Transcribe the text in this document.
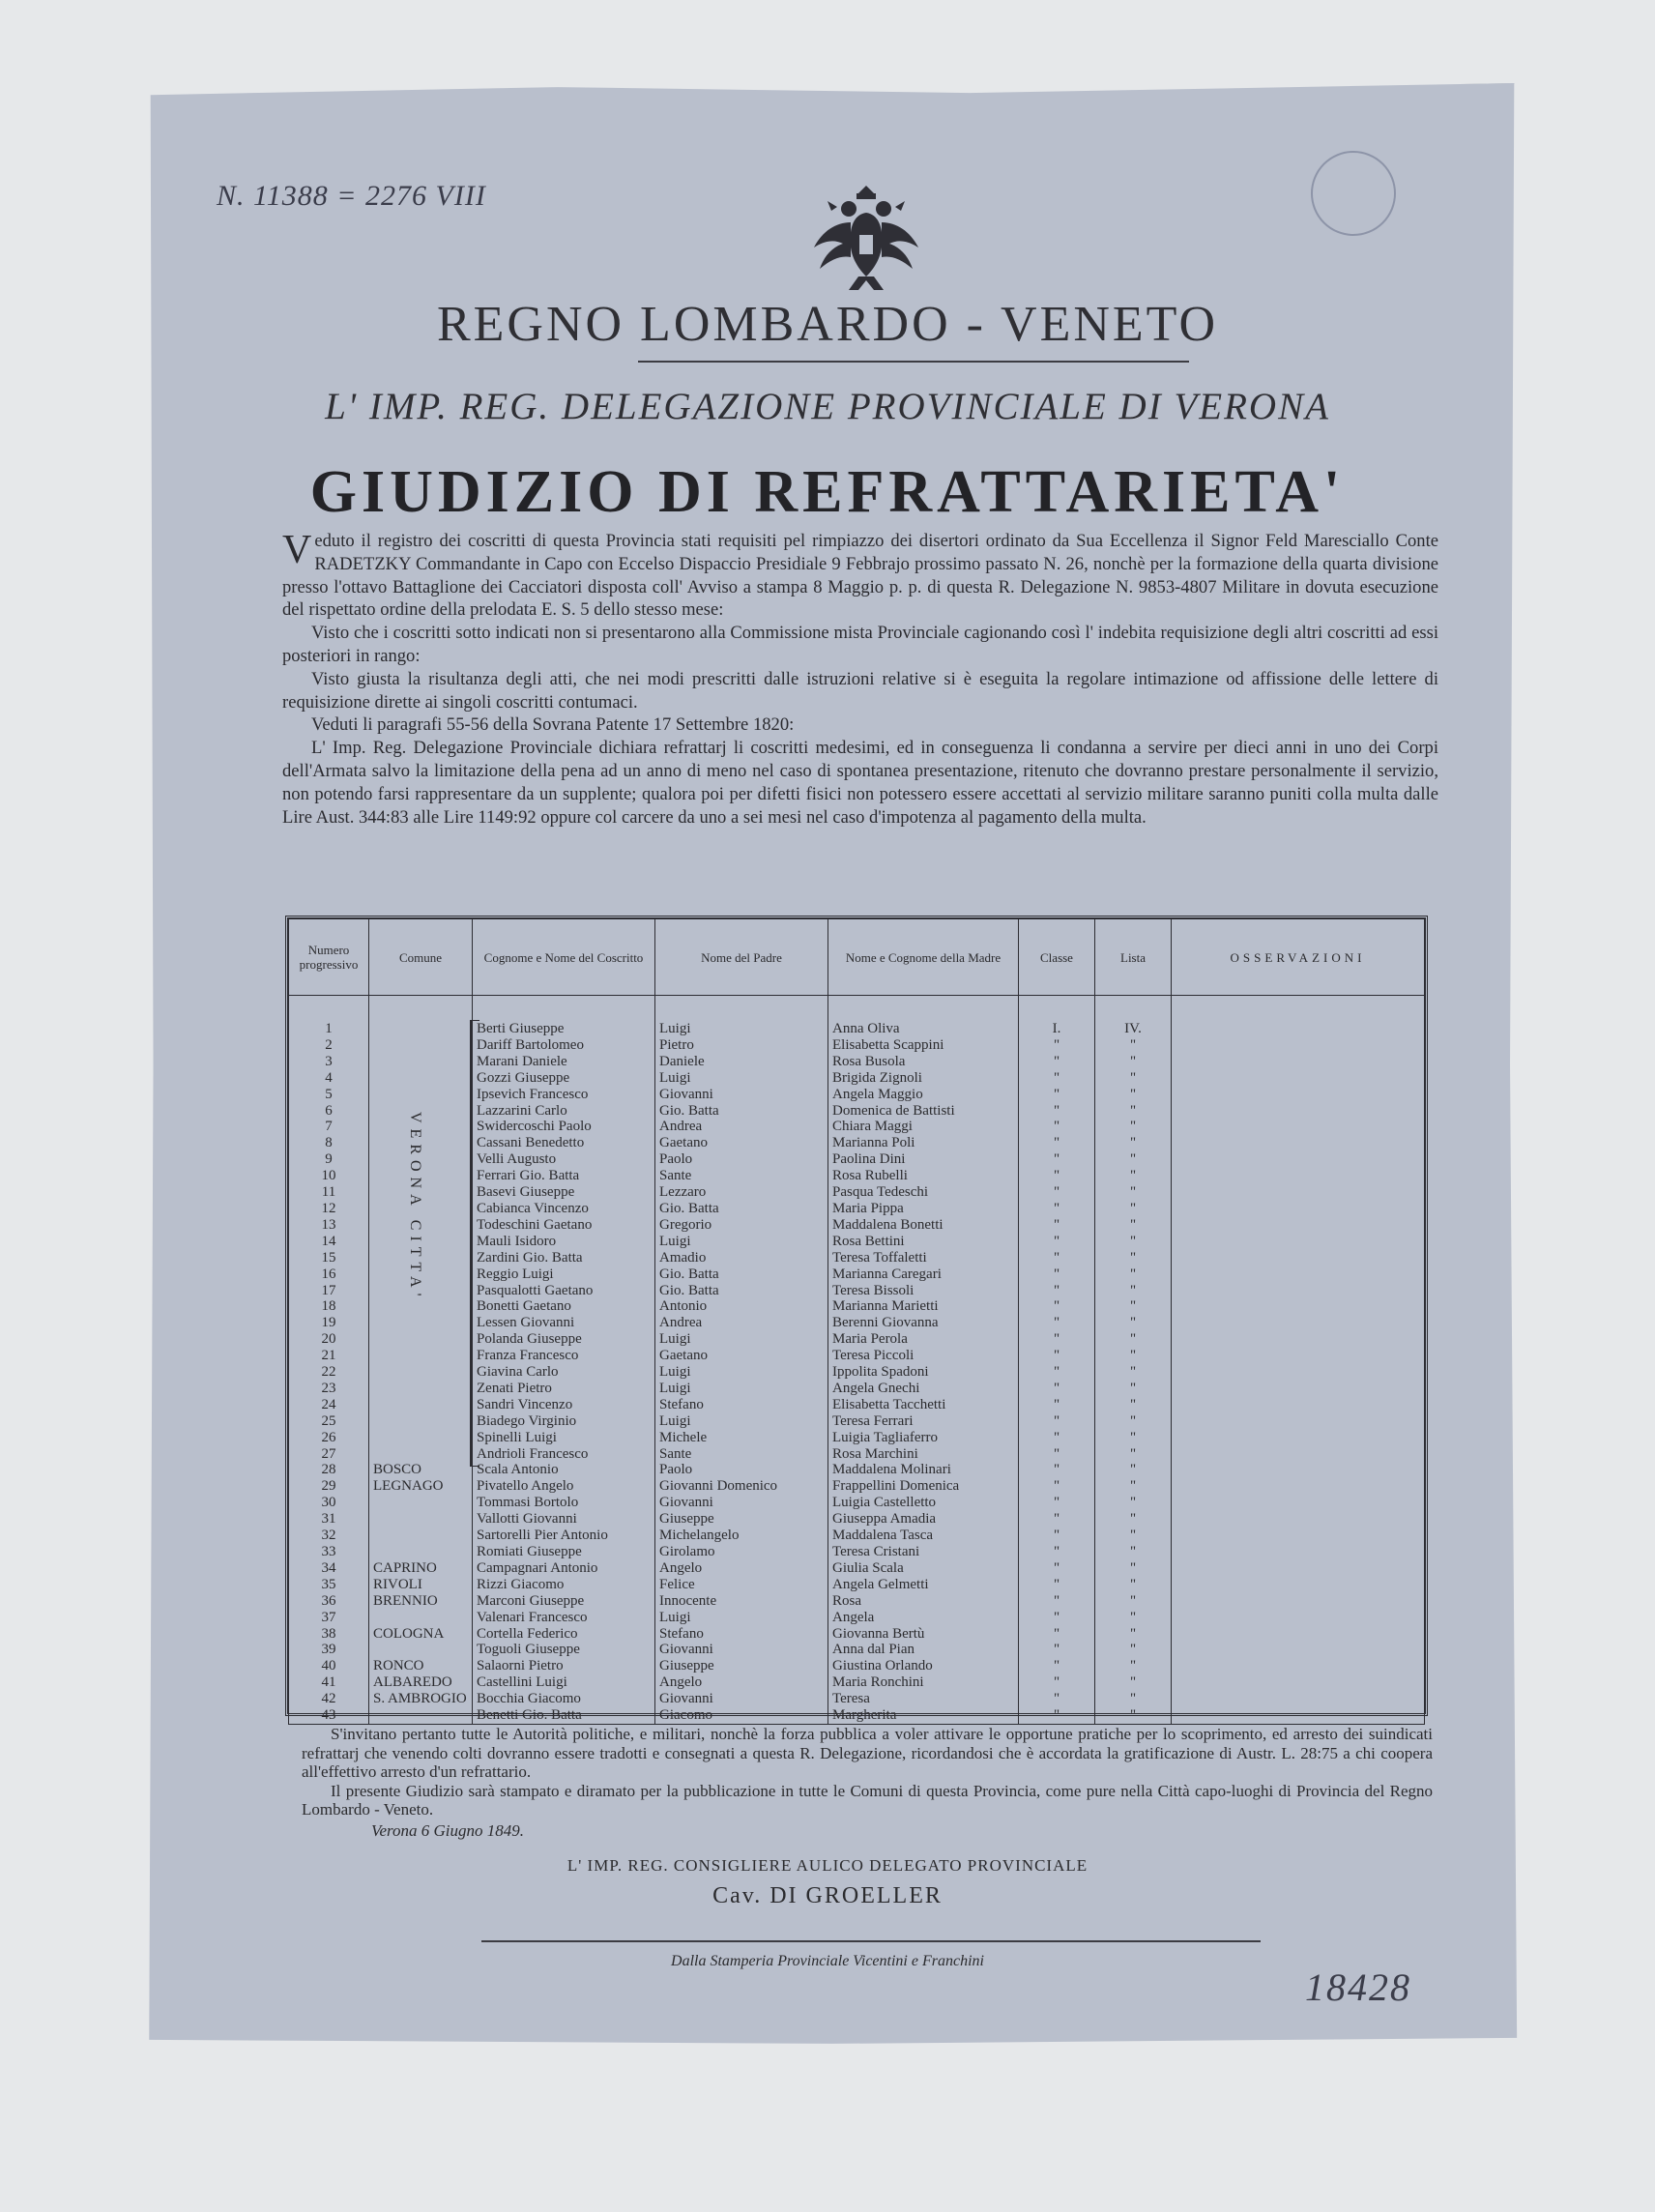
N. 11388 = 2276 VIII
REGNO LOMBARDO - VENETO
L' IMP. REG. DELEGAZIONE PROVINCIALE DI VERONA
GIUDIZIO DI REFRATTARIETA'

Veduto il registro dei coscritti di questa Provincia stati requisiti pel rimpiazzo dei disertori ordinato da Sua Eccellenza il Signor Feld Maresciallo Conte RADETZKY Commandante in Capo con Eccelso Dispaccio Presidiale 9 Febbrajo prossimo passato N. 26, nonchè per la formazione della quarta divisione presso l'ottavo Battaglione dei Cacciatori disposta coll' Avviso a stampa 8 Maggio p. p. di questa R. Delegazione N. 9853-4807 Militare in dovuta esecuzione del rispettato ordine della prelodata E. S. 5 dello stesso mese:

Visto che i coscritti sotto indicati non si presentarono alla Commissione mista Provinciale cagionando così l' indebita requisizione degli altri coscritti ad essi posteriori in rango:

Visto giusta la risultanza degli atti, che nei modi prescritti dalle istruzioni relative si è eseguita la regolare intimazione od affissione delle lettere di requisizione dirette ai singoli coscritti contumaci.

Veduti li paragrafi 55-56 della Sovrana Patente 17 Settembre 1820:

L' Imp. Reg. Delegazione Provinciale dichiara refrattarj li coscritti medesimi, ed in conseguenza li condanna a servire per dieci anni in uno dei Corpi dell'Armata salvo la limitazione della pena ad un anno di meno nel caso di spontanea presentazione, ritenuto che dovranno prestare personalmente il servizio, non potendo farsi rappresentare da un supplente; qualora poi per difetti fisici non potessero essere accettati al servizio militare saranno puniti colla multa dalle Lire Aust. 344:83 alle Lire 1149:92 oppure col carcere da uno a sei mesi nel caso d'impotenza al pagamento della multa.

Numero progressivo	Comune	Cognome e Nome del Coscritto	Nome del Padre	Nome e Cognome della Madre	Classe	Lista	OSSERVAZIONI

1		Berti Giuseppe	Luigi	Anna Oliva	I.	IV.	
2		Dariff Bartolomeo	Pietro	Elisabetta Scappini	"	"	
3		Marani Daniele	Daniele	Rosa Busola	"	"	
4		Gozzi Giuseppe	Luigi	Brigida Zignoli	"	"	
5		Ipsevich Francesco	Giovanni	Angela Maggio	"	"	
6		Lazzarini Carlo	Gio. Batta	Domenica de Battisti	"	"	
7		Swidercoschi Paolo	Andrea	Chiara Maggi	"	"	
8		Cassani Benedetto	Gaetano	Marianna Poli	"	"	
9		Velli Augusto	Paolo	Paolina Dini	"	"	
10		Ferrari Gio. Batta	Sante	Rosa Rubelli	"	"	
11		Basevi Giuseppe	Lezzaro	Pasqua Tedeschi	"	"	
12		Cabianca Vincenzo	Gio. Batta	Maria Pippa	"	"	
13		Todeschini Gaetano	Gregorio	Maddalena Bonetti	"	"	
14		Mauli Isidoro	Luigi	Rosa Bettini	"	"	
15		Zardini Gio. Batta	Amadio	Teresa Toffaletti	"	"	
16		Reggio Luigi	Gio. Batta	Marianna Caregari	"	"	
17		Pasqualotti Gaetano	Gio. Batta	Teresa Bissoli	"	"	
18		Bonetti Gaetano	Antonio	Marianna Marietti	"	"	
19		Lessen Giovanni	Andrea	Berenni Giovanna	"	"	
20		Polanda Giuseppe	Luigi	Maria Perola	"	"	
21		Franza Francesco	Gaetano	Teresa Piccoli	"	"	
22		Giavina Carlo	Luigi	Ippolita Spadoni	"	"	
23		Zenati Pietro	Luigi	Angela Gnechi	"	"	
24		Sandri Vincenzo	Stefano	Elisabetta Tacchetti	"	"	
25		Biadego Virginio	Luigi	Teresa Ferrari	"	"	
26		Spinelli Luigi	Michele	Luigia Tagliaferro	"	"	
27		Andrioli Francesco	Sante	Rosa Marchini	"	"	
28	BOSCO	Scala Antonio	Paolo	Maddalena Molinari	"	"	
29	LEGNAGO	Pivatello Angelo	Giovanni Domenico	Frappellini Domenica	"	"	
30		Tommasi Bortolo	Giovanni	Luigia Castelletto	"	"	
31		Vallotti Giovanni	Giuseppe	Giuseppa Amadia	"	"	
32		Sartorelli Pier Antonio	Michelangelo	Maddalena Tasca	"	"	
33		Romiati Giuseppe	Girolamo	Teresa Cristani	"	"	
34	CAPRINO	Campagnari Antonio	Angelo	Giulia Scala	"	"	
35	RIVOLI	Rizzi Giacomo	Felice	Angela Gelmetti	"	"	
36	BRENNIO	Marconi Giuseppe	Innocente	Rosa	"	"	
37		Valenari Francesco	Luigi	Angela	"	"	
38	COLOGNA	Cortella Federico	Stefano	Giovanna Bertù	"	"	
39		Toguoli Giuseppe	Giovanni	Anna dal Pian	"	"	
40	RONCO	Salaorni Pietro	Giuseppe	Giustina Orlando	"	"	
41	ALBAREDO	Castellini Luigi	Angelo	Maria Ronchini	"	"	
42	S. AMBROGIO	Bocchia Giacomo	Giovanni	Teresa	"	"	
43		Benetti Gio. Batta	Giacomo	Margherita	"	"	
VERONA CITTA'

S'invitano pertanto tutte le Autorità politiche, e militari, nonchè la forza pubblica a voler attivare le opportune pratiche per lo scoprimento, ed arresto dei suindicati refrattarj che venendo colti dovranno essere tradotti e consegnati a questa R. Delegazione, ricordandosi che è accordata la gratificazione di Austr. L. 28:75 a chi coopera all'effettivo arresto d'un refrattario.

Il presente Giudizio sarà stampato e diramato per la pubblicazione in tutte le Comuni di questa Provincia, come pure nella Città capo-luoghi di Provincia del Regno Lombardo - Veneto.

Verona 6 Giugno 1849.
L' IMP. REG. CONSIGLIERE AULICO DELEGATO PROVINCIALE
Cav. DI GROELLER
Dalla Stamperia Provinciale Vicentini e Franchini
18428
